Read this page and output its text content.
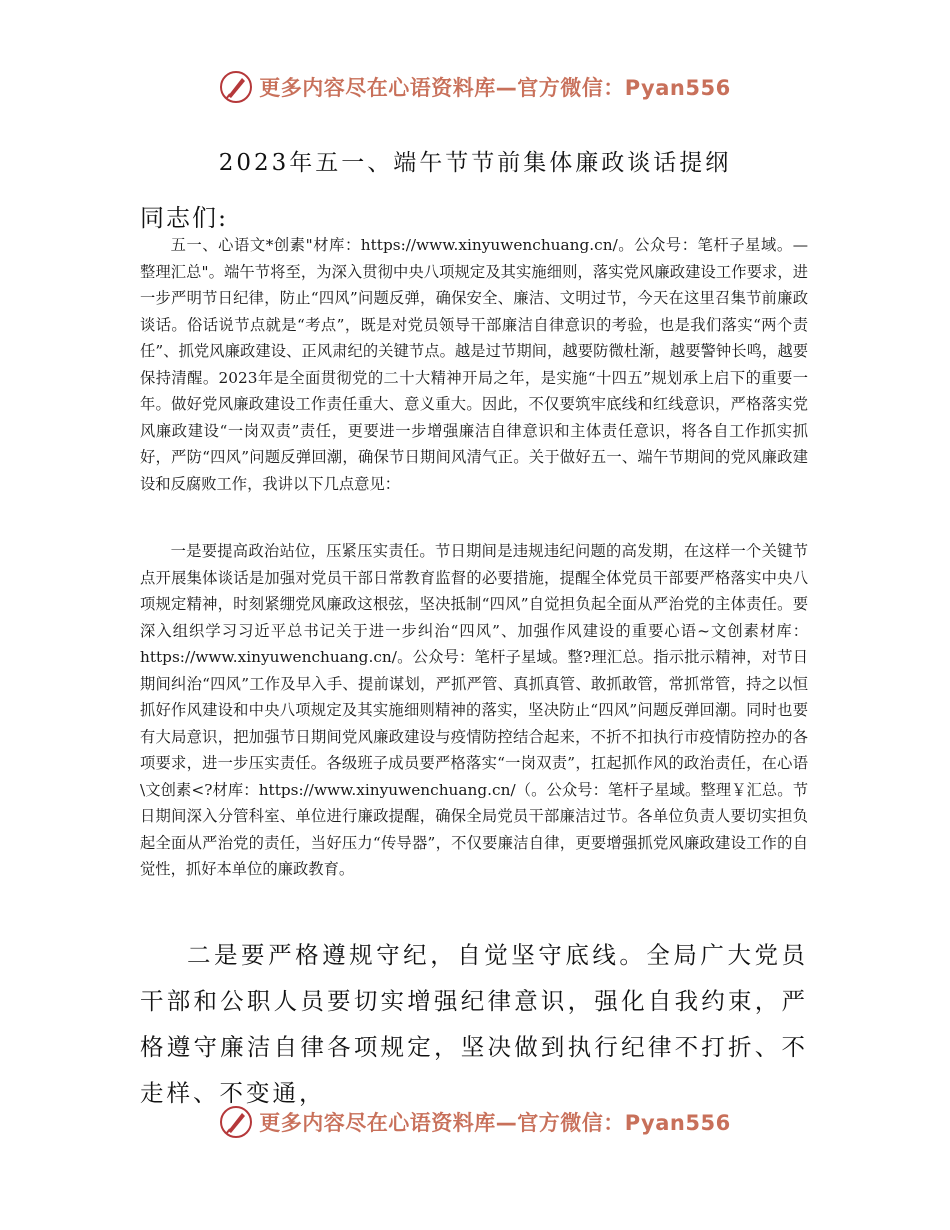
更多内容尽在心语资料库—官方微信：Pyan556
2023年五一、端午节节前集体廉政谈话提纲
同志们:

五一、心语文*创素"材库：https://www.xinyuwenchuang.cn/。公众号：笔杆子星域。—整理汇总"。端午节将至，为深入贯彻中央八项规定及其实施细则，落实党风廉政建设工作要求，进一步严明节日纪律，防止“四风”问题反弹，确保安全、廉洁、文明过节，今天在这里召集节前廉政谈话。俗话说节点就是“考点”，既是对党员领导干部廉洁自律意识的考验，也是我们落实“两个责任”、抓党风廉政建设、正风肃纪的关键节点。越是过节期间，越要防微杜渐，越要警钟长鸣，越要保持清醒。2023年是全面贯彻党的二十大精神开局之年，是实施“十四五”规划承上启下的重要一年。做好党风廉政建设工作责任重大、意义重大。因此，不仅要筑牢底线和红线意识，严格落实党风廉政建设“一岗双责”责任，更要进一步增强廉洁自律意识和主体责任意识，将各自工作抓实抓好，严防“四风”问题反弹回潮，确保节日期间风清气正。关于做好五一、端午节期间的党风廉政建设和反腐败工作，我讲以下几点意见：

一是要提高政治站位，压紧压实责任。节日期间是违规违纪问题的高发期，在这样一个关键节点开展集体谈话是加强对党员干部日常教育监督的必要措施，提醒全体党员干部要严格落实中央八项规定精神，时刻紧绷党风廉政这根弦，坚决抵制“四风”自觉担负起全面从严治党的主体责任。要深入组织学习习近平总书记关于进一步纠治“四风”、加强作风建设的重要心语~文创素材库：https://www.xinyuwenchuang.cn/。公众号：笔杆子星域。整?理汇总。指示批示精神，对节日期间纠治“四风”工作及早入手、提前谋划，严抓严管、真抓真管、敢抓敢管，常抓常管，持之以恒抓好作风建设和中央八项规定及其实施细则精神的落实，坚决防止“四风”问题反弹回潮。同时也要有大局意识，把加强节日期间党风廉政建设与疫情防控结合起来，不折不扣执行市疫情防控办的各项要求，进一步压实责任。各级班子成员要严格落实“一岗双责”，扛起抓作风的政治责任，在心语\文创素<?材库：https://www.xinyuwenchuang.cn/（。公众号：笔杆子星域。整理￥汇总。节日期间深入分管科室、单位进行廉政提醒，确保全局党员干部廉洁过节。各单位负责人要切实担负起全面从严治党的责任，当好压力“传导器”，不仅要廉洁自律，更要增强抓党风廉政建设工作的自觉性，抓好本单位的廉政教育。

二是要严格遵规守纪，自觉坚守底线。全局广大党员干部和公职人员要切实增强纪律意识，强化自我约束，严格遵守廉洁自律各项规定，坚决做到执行纪律不打折、不走样、不变通，

更多内容尽在心语资料库—官方微信：Pyan556
